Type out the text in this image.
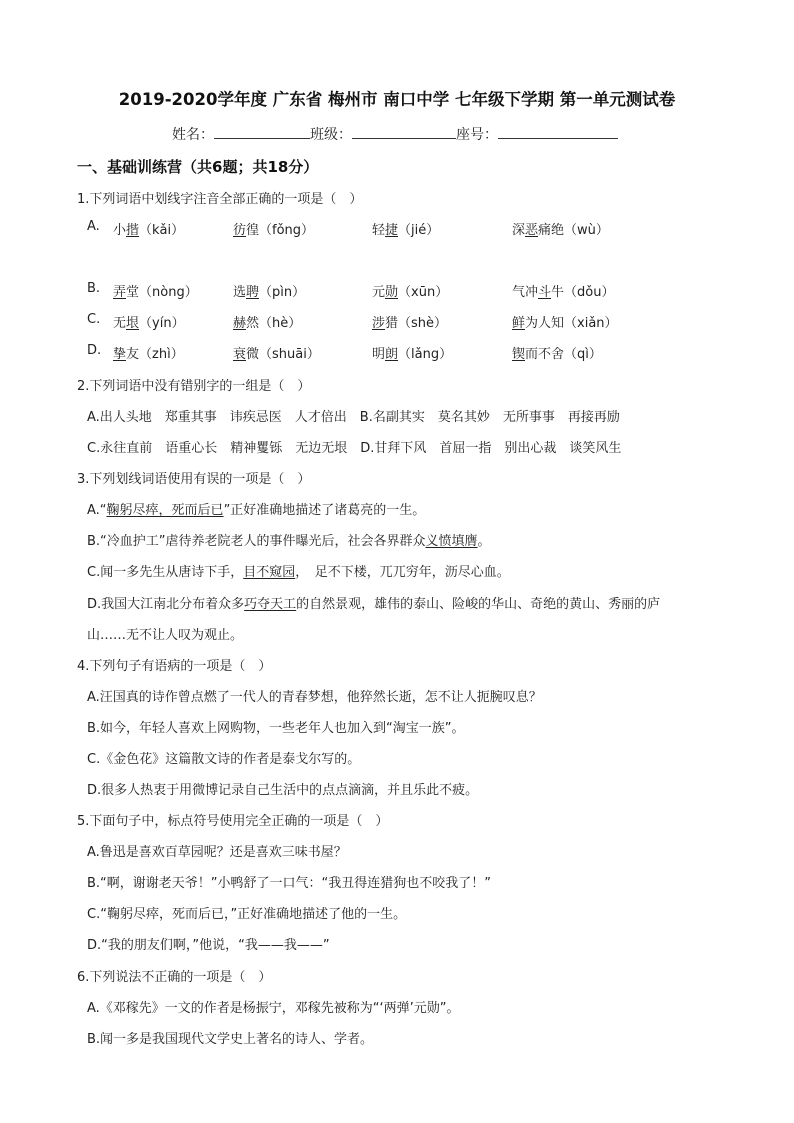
2019-2020学年度 广东省 梅州市 南口中学 七年级下学期 第一单元测试卷
姓名：	班级：	座号：
一、基础训练营（共6题；共18分）
1.下列词语中划线字注音全部正确的一项是（　）
A. 小揩（kǎi）	彷徨（fǒng）	轻捷（jié）	深恶痛绝（wù）
B. 弄堂（nòng）	选聘（pìn）	元勋（xūn）	气冲斗牛（dǒu）
C. 无垠（yín）	赫然（hè）	涉猎（shè）	鲜为人知（xiǎn）
D. 挚友（zhì）	衰微（shuāi）	明朗（lǎng）	锲而不舍（qì）
2.下列词语中没有错别字的一组是（　）
A.出人头地　郑重其事　讳疾忌医　人才倍出　B.名副其实　莫名其妙　无所事事　再接再励
C.永往直前　语重心长　精神矍铄　无边无垠　D.甘拜下风　首屈一指　别出心裁　谈笑风生
3.下列划线词语使用有误的一项是（　）
A.“鞠躬尽瘁，死而后已”正好准确地描述了诸葛亮的一生。
B.“冷血护工”虐待养老院老人的事件曝光后，社会各界群众义愤填膺。
C.闻一多先生从唐诗下手，目不窥园，　足不下楼，兀兀穷年，沥尽心血。
D.我国大江南北分布着众多巧夺天工的自然景观，雄伟的泰山、险峻的华山、奇绝的黄山、秀丽的庐
山……无不让人叹为观止。
4.下列句子有语病的一项是（　）
A.汪国真的诗作曾点燃了一代人的青春梦想，他猝然长逝，怎不让人扼腕叹息？
B.如今，年轻人喜欢上网购物，一些老年人也加入到“淘宝一族”。
C.《金色花》这篇散文诗的作者是泰戈尔写的。
D.很多人热衷于用微博记录自己生活中的点点滴滴，并且乐此不疲。
5.下面句子中，标点符号使用完全正确的一项是（　）
A.鲁迅是喜欢百草园呢？还是喜欢三味书屋？
B.“啊，谢谢老天爷！”小鸭舒了一口气：“我丑得连猎狗也不咬我了！”
C.“鞠躬尽瘁，死而后已，”正好准确地描述了他的一生。
D.“我的朋友们啊，”他说，“我——我——”
6.下列说法不正确的一项是（　）
A.《邓稼先》一文的作者是杨振宁，邓稼先被称为“‘两弹’元勋”。
B.闻一多是我国现代文学史上著名的诗人、学者。
